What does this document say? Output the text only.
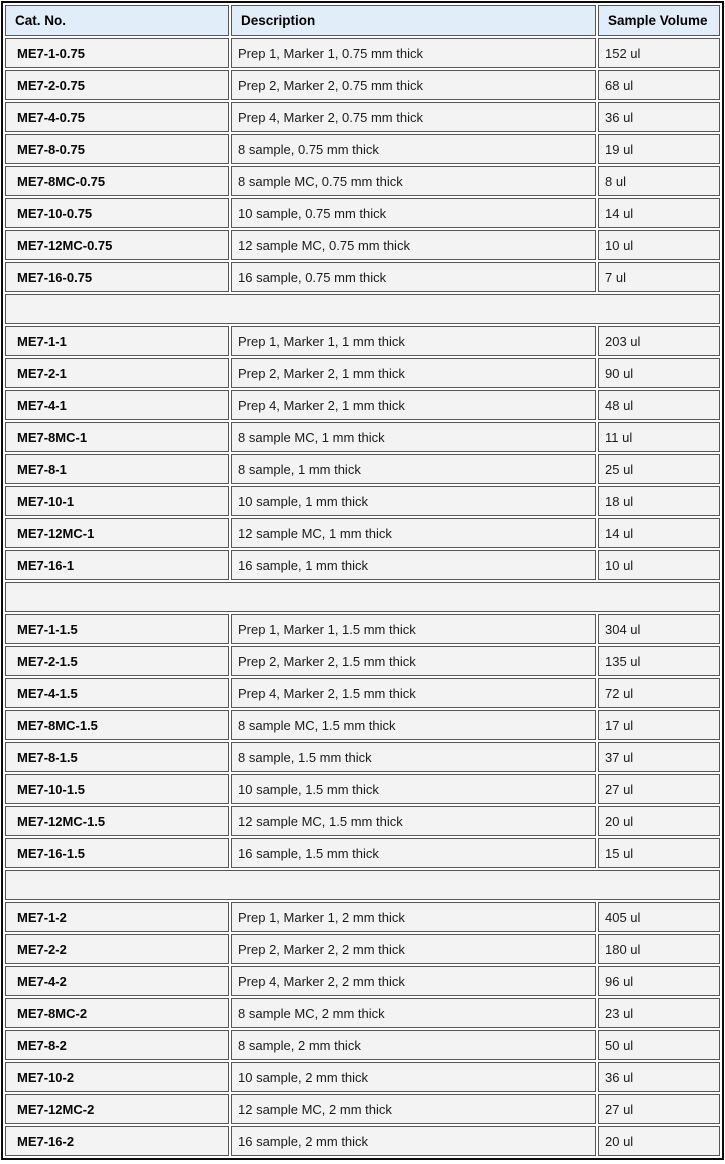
Cat. No.	Description	Sample Volume
ME7-1-0.75	Prep 1, Marker 1, 0.75 mm thick	152 ul
ME7-2-0.75	Prep 2, Marker 2, 0.75 mm thick	68 ul
ME7-4-0.75	Prep 4, Marker 2, 0.75 mm thick	36 ul
ME7-8-0.75	8 sample, 0.75 mm thick	19 ul
ME7-8MC-0.75	8 sample MC, 0.75 mm thick	8 ul
ME7-10-0.75	10 sample, 0.75 mm thick	14 ul
ME7-12MC-0.75	12 sample MC, 0.75 mm thick	10 ul
ME7-16-0.75	16 sample, 0.75 mm thick	7 ul

ME7-1-1	Prep 1, Marker 1, 1 mm thick	203 ul
ME7-2-1	Prep 2, Marker 2, 1 mm thick	90 ul
ME7-4-1	Prep 4, Marker 2, 1 mm thick	48 ul
ME7-8MC-1	8 sample MC, 1 mm thick	11 ul
ME7-8-1	8 sample, 1 mm thick	25 ul
ME7-10-1	10 sample, 1 mm thick	18 ul
ME7-12MC-1	12 sample MC, 1 mm thick	14 ul
ME7-16-1	16 sample, 1 mm thick	10 ul

ME7-1-1.5	Prep 1, Marker 1, 1.5 mm thick	304 ul
ME7-2-1.5	Prep 2, Marker 2, 1.5 mm thick	135 ul
ME7-4-1.5	Prep 4, Marker 2, 1.5 mm thick	72 ul
ME7-8MC-1.5	8 sample MC, 1.5 mm thick	17 ul
ME7-8-1.5	8 sample, 1.5 mm thick	37 ul
ME7-10-1.5	10 sample, 1.5 mm thick	27 ul
ME7-12MC-1.5	12 sample MC, 1.5 mm thick	20 ul
ME7-16-1.5	16 sample, 1.5 mm thick	15 ul

ME7-1-2	Prep 1, Marker 1, 2 mm thick	405 ul
ME7-2-2	Prep 2, Marker 2, 2 mm thick	180 ul
ME7-4-2	Prep 4, Marker 2, 2 mm thick	96 ul
ME7-8MC-2	8 sample MC, 2 mm thick	23 ul
ME7-8-2	8 sample, 2 mm thick	50 ul
ME7-10-2	10 sample, 2 mm thick	36 ul
ME7-12MC-2	12 sample MC, 2 mm thick	27 ul
ME7-16-2	16 sample, 2 mm thick	20 ul
